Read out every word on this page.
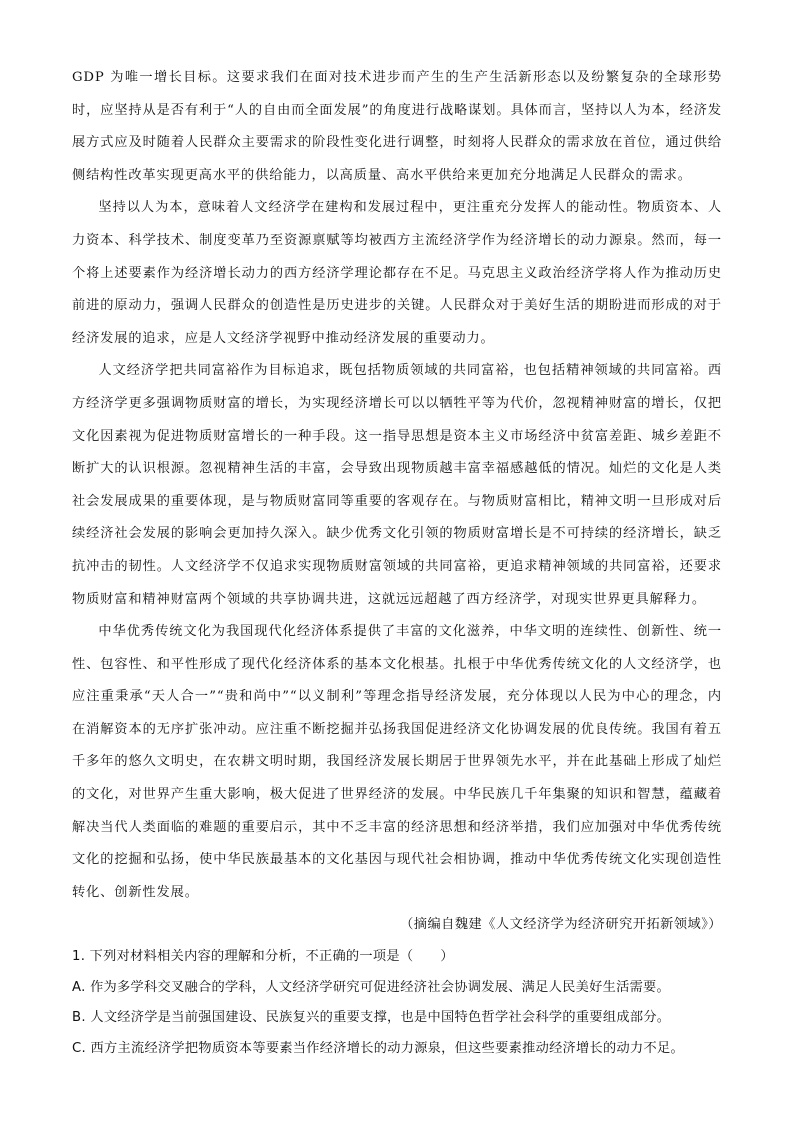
GDP 为唯一增长目标。这要求我们在面对技术进步而产生的生产生活新形态以及纷繁复杂的全球形势时，应坚持从是否有利于“人的自由而全面发展”的角度进行战略谋划。具体而言，坚持以人为本，经济发展方式应及时随着人民群众主要需求的阶段性变化进行调整，时刻将人民群众的需求放在首位，通过供给侧结构性改革实现更高水平的供给能力，以高质量、高水平供给来更加充分地满足人民群众的需求。

坚持以人为本，意味着人文经济学在建构和发展过程中，更注重充分发挥人的能动性。物质资本、人力资本、科学技术、制度变革乃至资源禀赋等均被西方主流经济学作为经济增长的动力源泉。然而，每一个将上述要素作为经济增长动力的西方经济学理论都存在不足。马克思主义政治经济学将人作为推动历史前进的原动力，强调人民群众的创造性是历史进步的关键。人民群众对于美好生活的期盼进而形成的对于经济发展的追求，应是人文经济学视野中推动经济发展的重要动力。

人文经济学把共同富裕作为目标追求，既包括物质领域的共同富裕，也包括精神领域的共同富裕。西方经济学更多强调物质财富的增长，为实现经济增长可以以牺牲平等为代价，忽视精神财富的增长，仅把文化因素视为促进物质财富增长的一种手段。这一指导思想是资本主义市场经济中贫富差距、城乡差距不断扩大的认识根源。忽视精神生活的丰富，会导致出现物质越丰富幸福感越低的情况。灿烂的文化是人类社会发展成果的重要体现，是与物质财富同等重要的客观存在。与物质财富相比，精神文明一旦形成对后续经济社会发展的影响会更加持久深入。缺少优秀文化引领的物质财富增长是不可持续的经济增长，缺乏抗冲击的韧性。人文经济学不仅追求实现物质财富领域的共同富裕，更追求精神领域的共同富裕，还要求物质财富和精神财富两个领域的共享协调共进，这就远远超越了西方经济学，对现实世界更具解释力。

中华优秀传统文化为我国现代化经济体系提供了丰富的文化滋养，中华文明的连续性、创新性、统一性、包容性、和平性形成了现代化经济体系的基本文化根基。扎根于中华优秀传统文化的人文经济学，也应注重秉承“天人合一”“贵和尚中”“以义制利”等理念指导经济发展，充分体现以人民为中心的理念，内在消解资本的无序扩张冲动。应注重不断挖掘并弘扬我国促进经济文化协调发展的优良传统。我国有着五千多年的悠久文明史，在农耕文明时期，我国经济发展长期居于世界领先水平，并在此基础上形成了灿烂的文化，对世界产生重大影响，极大促进了世界经济的发展。中华民族几千年集聚的知识和智慧，蕴藏着解决当代人类面临的难题的重要启示，其中不乏丰富的经济思想和经济举措，我们应加强对中华优秀传统文化的挖掘和弘扬，使中华民族最基本的文化基因与现代社会相协调，推动中华优秀传统文化实现创造性转化、创新性发展。

（摘编自魏建《人文经济学为经济研究开拓新领域》）

1. 下列对材料相关内容的理解和分析，不正确的一项是（　　）

A. 作为多学科交叉融合的学科，人文经济学研究可促进经济社会协调发展、满足人民美好生活需要。

B. 人文经济学是当前强国建设、民族复兴的重要支撑，也是中国特色哲学社会科学的重要组成部分。

C. 西方主流经济学把物质资本等要素当作经济增长的动力源泉，但这些要素推动经济增长的动力不足。
